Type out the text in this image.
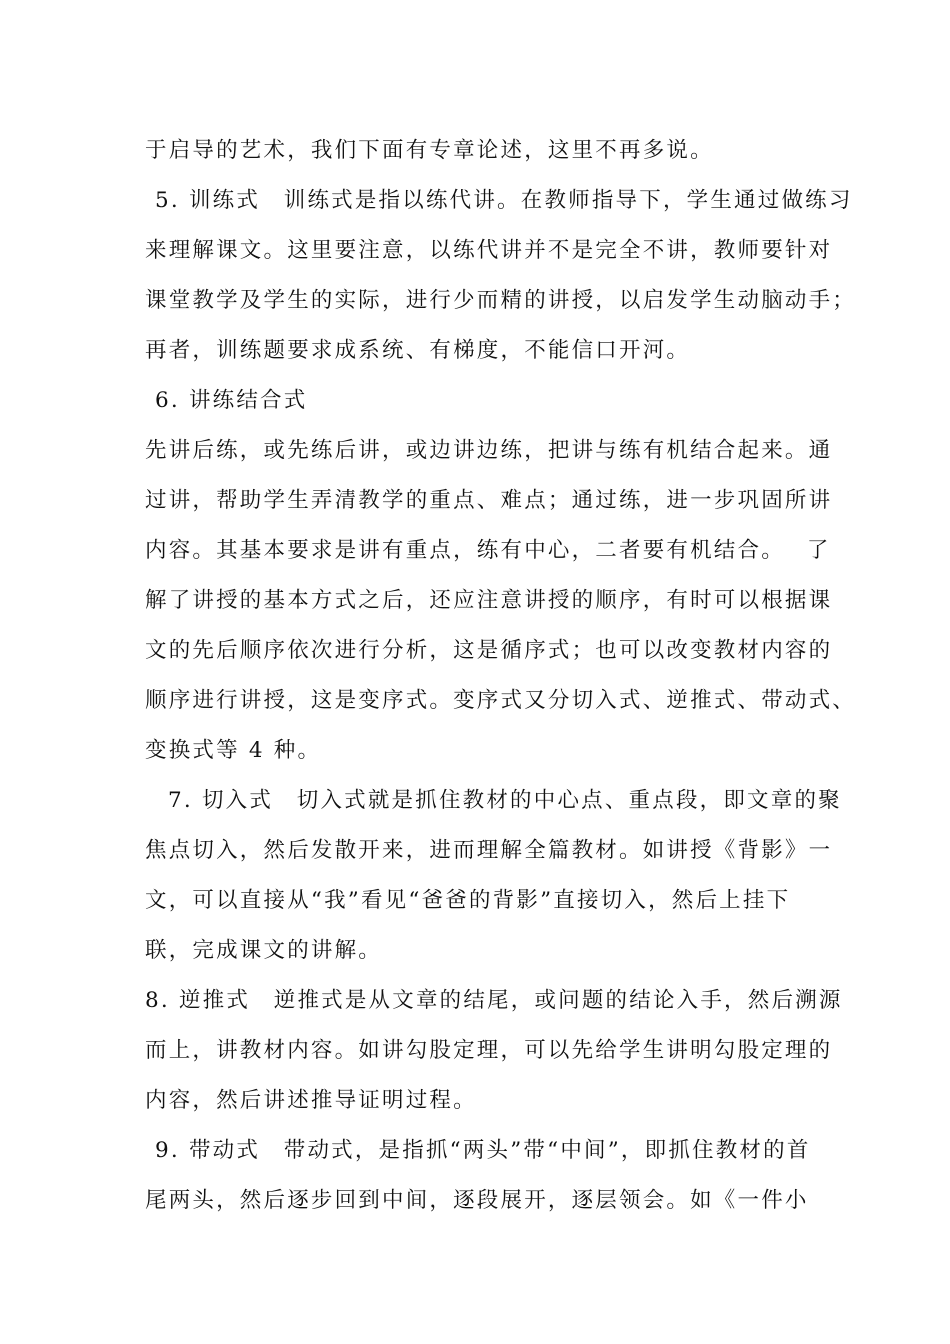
于启导的艺术，我们下面有专章论述，这里不再多说。
5. 训练式　训练式是指以练代讲。在教师指导下，学生通过做练习
来理解课文。这里要注意，以练代讲并不是完全不讲，教师要针对
课堂教学及学生的实际，进行少而精的讲授，以启发学生动脑动手；
再者，训练题要求成系统、有梯度，不能信口开河。
6. 讲练结合式
先讲后练，或先练后讲，或边讲边练，把讲与练有机结合起来。通
过讲，帮助学生弄清教学的重点、难点；通过练，进一步巩固所讲
内容。其基本要求是讲有重点，练有中心，二者要有机结合。　 了
解了讲授的基本方式之后，还应注意讲授的顺序，有时可以根据课
文的先后顺序依次进行分析，这是循序式；也可以改变教材内容的
顺序进行讲授，这是变序式。变序式又分切入式、逆推式、带动式、
变换式等 4 种。
7. 切入式　切入式就是抓住教材的中心点、重点段，即文章的聚
焦点切入，然后发散开来，进而理解全篇教材。如讲授《背影》一
文，可以直接从“我”看见“爸爸的背影”直接切入，然后上挂下
联，完成课文的讲解。
8. 逆推式　逆推式是从文章的结尾，或问题的结论入手，然后溯源
而上，讲教材内容。如讲勾股定理，可以先给学生讲明勾股定理的
内容，然后讲述推导证明过程。
9. 带动式　带动式，是指抓“两头”带“中间”，即抓住教材的首
尾两头，然后逐步回到中间，逐段展开，逐层领会。如《一件小
